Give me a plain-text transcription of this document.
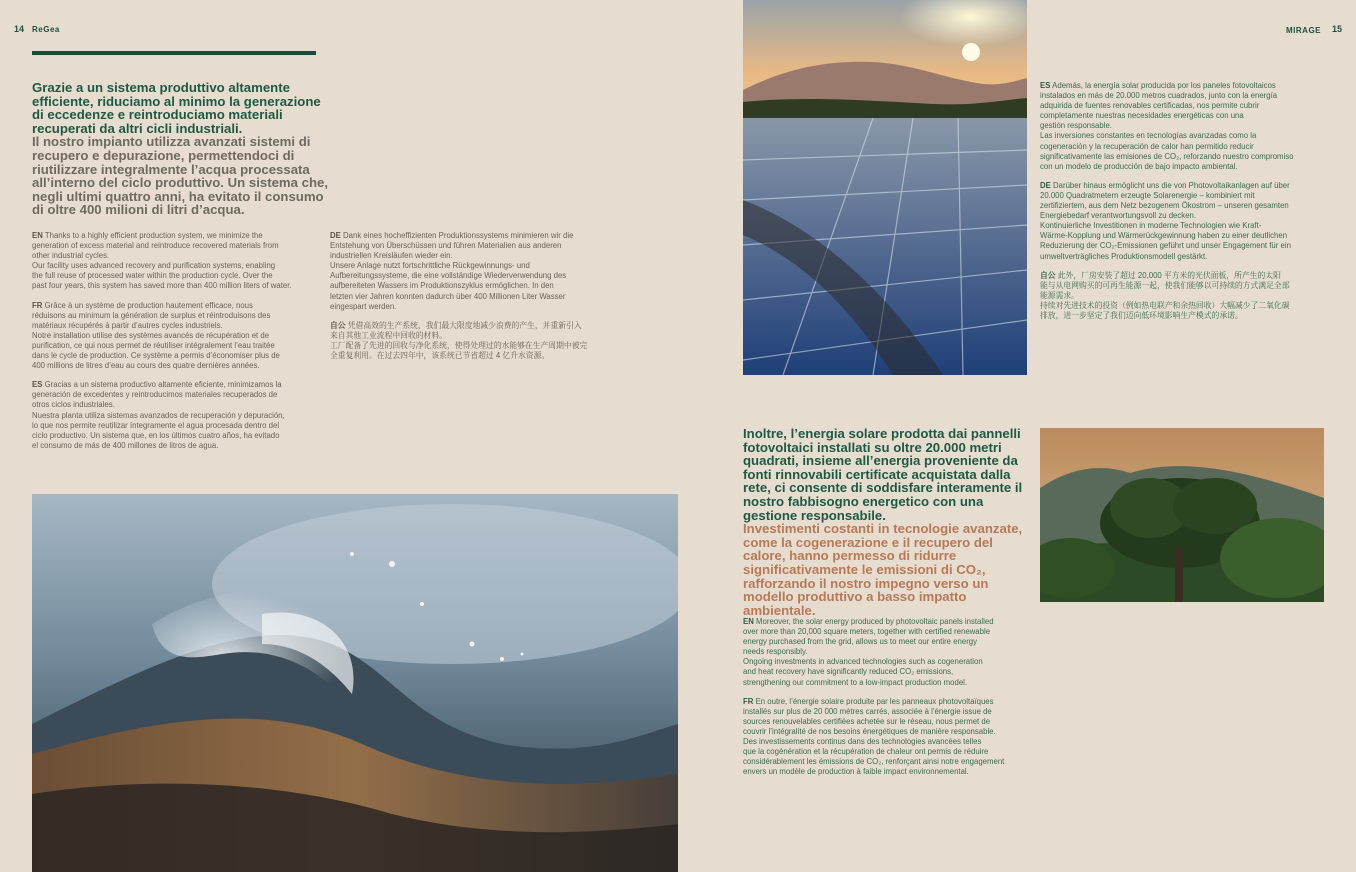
14 ReGea
Grazie a un sistema produttivo altamente efficiente, riduciamo al minimo la generazione di eccedenze e reintroduciamo materiali recuperati da altri cicli industriali.
Il nostro impianto utilizza avanzati sistemi di recupero e depurazione, permettendoci di riutilizzare integralmente l’acqua processata all’interno del ciclo produttivo. Un sistema che, negli ultimi quattro anni, ha evitato il consumo di oltre 400 milioni di litri d’acqua.

EN Thanks to a highly efficient production system, we minimize the
generation of excess material and reintroduce recovered materials from
other industrial cycles.
Our facility uses advanced recovery and purification systems, enabling
the full reuse of processed water within the production cycle. Over the
past four years, this system has saved more than 400 million liters of water.

FR Grâce à un système de production hautement efficace, nous
réduisons au minimum la génération de surplus et réintroduisons des
matériaux récupérés à partir d’autres cycles industriels.
Notre installation utilise des systèmes avancés de récupération et de
purification, ce qui nous permet de réutiliser intégralement l’eau traitée
dans le cycle de production. Ce système a permis d’économiser plus de
400 millions de litres d’eau au cours des quatre dernières années.

ES Gracias a un sistema productivo altamente eficiente, minimizamos la
generación de excedentes y reintroducimos materiales recuperados de
otros ciclos industriales.
Nuestra planta utiliza sistemas avanzados de recuperación y depuración,
lo que nos permite reutilizar íntegramente el agua procesada dentro del
ciclo productivo. Un sistema que, en los últimos cuatro años, ha evitado
el consumo de más de 400 millones de litros de agua.

DE Dank eines hocheffizienten Produktionssystems minimieren wir die
Entstehung von Überschüssen und führen Materialien aus anderen
industriellen Kreisläufen wieder ein.
Unsere Anlage nutzt fortschrittliche Rückgewinnungs- und
Aufbereitungssysteme, die eine vollständige Wiederverwendung des
aufbereiteten Wassers im Produktionszyklus ermöglichen. In den
letzten vier Jahren konnten dadurch über 400 Millionen Liter Wasser
eingespart werden.

自公 凭借高效的生产系统，我们最大限度地减少浪费的产生，并重新引入
来自其他工业流程中回收的材料。
工厂配备了先进的回收与净化系统，使得处理过的水能够在生产周期中被完
全重复利用。在过去四年中，该系统已节省超过 4 亿升水资源。

MIRAGE 15

ES Además, la energía solar producida por los paneles fotovoltaicos
instalados en más de 20.000 metros cuadrados, junto con la energía
adquirida de fuentes renovables certificadas, nos permite cubrir
completamente nuestras necesidades energéticas con una
gestión responsable.
Las inversiones constantes en tecnologías avanzadas como la
cogeneración y la recuperación de calor han permitido reducir
significativamente las emisiones de CO₂, reforzando nuestro compromiso
con un modelo de producción de bajo impacto ambiental.

DE Darüber hinaus ermöglicht uns die von Photovoltaikanlagen auf über
20.000 Quadratmetern erzeugte Solarenergie – kombiniert mit
zertifiziertem, aus dem Netz bezogenem Ökostrom – unseren gesamten
Energiebedarf verantwortungsvoll zu decken.
Kontinuierliche Investitionen in moderne Technologien wie Kraft-
Wärme-Kopplung und Wärmerückgewinnung haben zu einer deutlichen
Reduzierung der CO₂-Emissionen geführt und unser Engagement für ein
umweltverträgliches Produktionsmodell gestärkt.

自公 此外，厂房安装了超过 20,000 平方米的光伏面板，所产生的太阳
能与从电网购买的可再生能源一起，使我们能够以可持续的方式满足全部
能源需求。
持续对先进技术的投资（例如热电联产和余热回收）大幅减少了二氧化碳
排放，进一步坚定了我们迈向低环境影响生产模式的承诺。

Inoltre, l’energia solare prodotta dai pannelli fotovoltaici installati su oltre 20.000 metri quadrati, insieme all’energia proveniente da fonti rinnovabili certificate acquistata dalla rete, ci consente di soddisfare interamente il nostro fabbisogno energetico con una gestione responsabile.
Investimenti costanti in tecnologie avanzate, come la cogenerazione e il recupero del calore, hanno permesso di ridurre significativamente le emissioni di CO₂, rafforzando il nostro impegno verso un modello produttivo a basso impatto ambientale.

EN Moreover, the solar energy produced by photovoltaic panels installed
over more than 20,000 square meters, together with certified renewable
energy purchased from the grid, allows us to meet our entire energy
needs responsibly.
Ongoing investments in advanced technologies such as cogeneration
and heat recovery have significantly reduced CO₂ emissions,
strengthening our commitment to a low-impact production model.

FR En outre, l’énergie solaire produite par les panneaux photovoltaïques
installés sur plus de 20 000 mètres carrés, associée à l’énergie issue de
sources renouvelables certifiées achetée sur le réseau, nous permet de
couvrir l’intégralité de nos besoins énergétiques de manière responsable.
Des investissements continus dans des technologies avancées telles
que la cogénération et la récupération de chaleur ont permis de réduire
considérablement les émissions de CO₂, renforçant ainsi notre engagement
envers un modèle de production à faible impact environnemental.
